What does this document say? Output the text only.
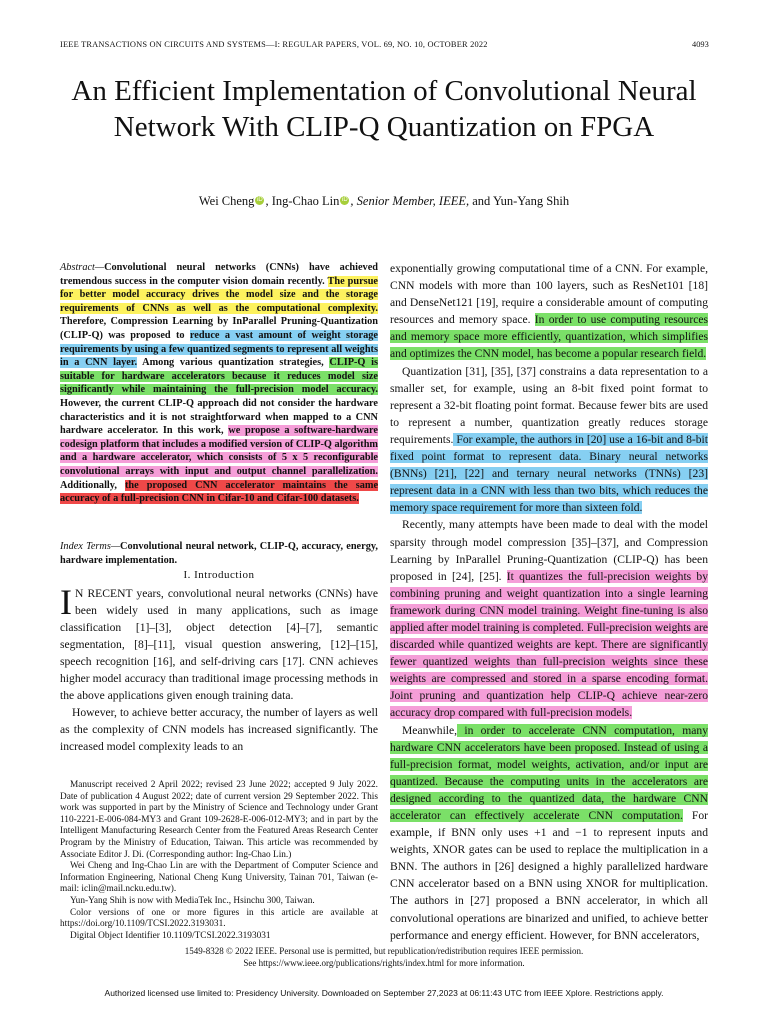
IEEE TRANSACTIONS ON CIRCUITS AND SYSTEMS—I: REGULAR PAPERS, VOL. 69, NO. 10, OCTOBER 2022	4093
An Efficient Implementation of Convolutional Neural Network With CLIP-Q Quantization on FPGA
Wei Cheng iD , Ing-Chao Lin iD , Senior Member, IEEE, and Yun-Yang Shih
Abstract—Convolutional neural networks (CNNs) have achieved tremendous success in the computer vision domain recently. The pursue for better model accuracy drives the model size and the storage requirements of CNNs as well as the computational complexity. Therefore, Compression Learning by InParallel Pruning-Quantization (CLIP-Q) was proposed to reduce a vast amount of weight storage requirements by using a few quantized segments to represent all weights in a CNN layer. Among various quantization strategies, CLIP-Q is suitable for hardware accelerators because it reduces model size significantly while maintaining the full-precision model accuracy. However, the current CLIP-Q approach did not consider the hardware characteristics and it is not straightforward when mapped to a CNN hardware accelerator. In this work, we propose a software-hardware codesign platform that includes a modified version of CLIP-Q algorithm and a hardware accelerator, which consists of 5 x 5 reconfigurable convolutional arrays with input and output channel parallelization. Additionally, the proposed CNN accelerator maintains the same accuracy of a full-precision CNN in Cifar-10 and Cifar-100 datasets.
Index Terms—Convolutional neural network, CLIP-Q, accuracy, energy, hardware implementation.
I. Introduction
I N RECENT years, convolutional neural networks (CNNs) have been widely used in many applications, such as image classification [1]–[3], object detection [4]–[7], semantic segmentation, [8]–[11], visual question answering, [12]–[15], speech recognition [16], and self-driving cars [17]. CNN achieves higher model accuracy than traditional image processing methods in the above applications given enough training data.
However, to achieve better accuracy, the number of layers as well as the complexity of CNN models has increased significantly. The increased model complexity leads to an

Manuscript received 2 April 2022; revised 23 June 2022; accepted 9 July 2022. Date of publication 4 August 2022; date of current version 29 September 2022. This work was supported in part by the Ministry of Science and Technology under Grant 110-2221-E-006-084-MY3 and Grant 109-2628-E-006-012-MY3; and in part by the Intelligent Manufacturing Research Center from the Featured Areas Research Center Program by the Ministry of Education, Taiwan. This article was recommended by Associate Editor J. Di. (Corresponding author: Ing-Chao Lin.)

Wei Cheng and Ing-Chao Lin are with the Department of Computer Science and Information Engineering, National Cheng Kung University, Tainan 701, Taiwan (e-mail: iclin@mail.ncku.edu.tw).

Yun-Yang Shih is now with MediaTek Inc., Hsinchu 300, Taiwan.

Color versions of one or more figures in this article are available at https://doi.org/10.1109/TCSI.2022.3193031.

Digital Object Identifier 10.1109/TCSI.2022.3193031

exponentially growing computational time of a CNN. For example, CNN models with more than 100 layers, such as ResNet101 [18] and DenseNet121 [19], require a considerable amount of computing resources and memory space. In order to use computing resources and memory space more efficiently, quantization, which simplifies and optimizes the CNN model, has become a popular research field.

Quantization [31], [35], [37] constrains a data representation to a smaller set, for example, using an 8-bit fixed point format to represent a 32-bit floating point format. Because fewer bits are used to represent a number, quantization greatly reduces storage requirements. For example, the authors in [20] use a 16-bit and 8-bit fixed point format to represent data. Binary neural networks (BNNs) [21], [22] and ternary neural networks (TNNs) [23] represent data in a CNN with less than two bits, which reduces the memory space requirement for more than sixteen fold.

Recently, many attempts have been made to deal with the model sparsity through model compression [35]–[37], and Compression Learning by InParallel Pruning-Quantization (CLIP-Q) has been proposed in [24], [25]. It quantizes the full-precision weights by combining pruning and weight quantization into a single learning framework during CNN model training. Weight fine-tuning is also applied after model training is completed. Full-precision weights are discarded while quantized weights are kept. There are significantly fewer quantized weights than full-precision weights since these weights are compressed and stored in a sparse encoding format. Joint pruning and quantization help CLIP-Q achieve near-zero accuracy drop compared with full-precision models.

Meanwhile, in order to accelerate CNN computation, many hardware CNN accelerators have been proposed. Instead of using a full-precision format, model weights, activation, and/or input are quantized. Because the computing units in the accelerators are designed according to the quantized data, the hardware CNN accelerator can effectively accelerate CNN computation. For example, if BNN only uses +1 and −1 to represent inputs and weights, XNOR gates can be used to replace the multiplication in a BNN. The authors in [26] designed a highly parallelized hardware CNN accelerator based on a BNN using XNOR for multiplication. The authors in [27] proposed a BNN accelerator, in which all convolutional operations are binarized and unified, to achieve better performance and energy efficient. However, for BNN accelerators,

1549-8328 © 2022 IEEE. Personal use is permitted, but republication/redistribution requires IEEE permission.
See https://www.ieee.org/publications/rights/index.html for more information.
Authorized licensed use limited to: Presidency University. Downloaded on September 27,2023 at 06:11:43 UTC from IEEE Xplore. Restrictions apply.
